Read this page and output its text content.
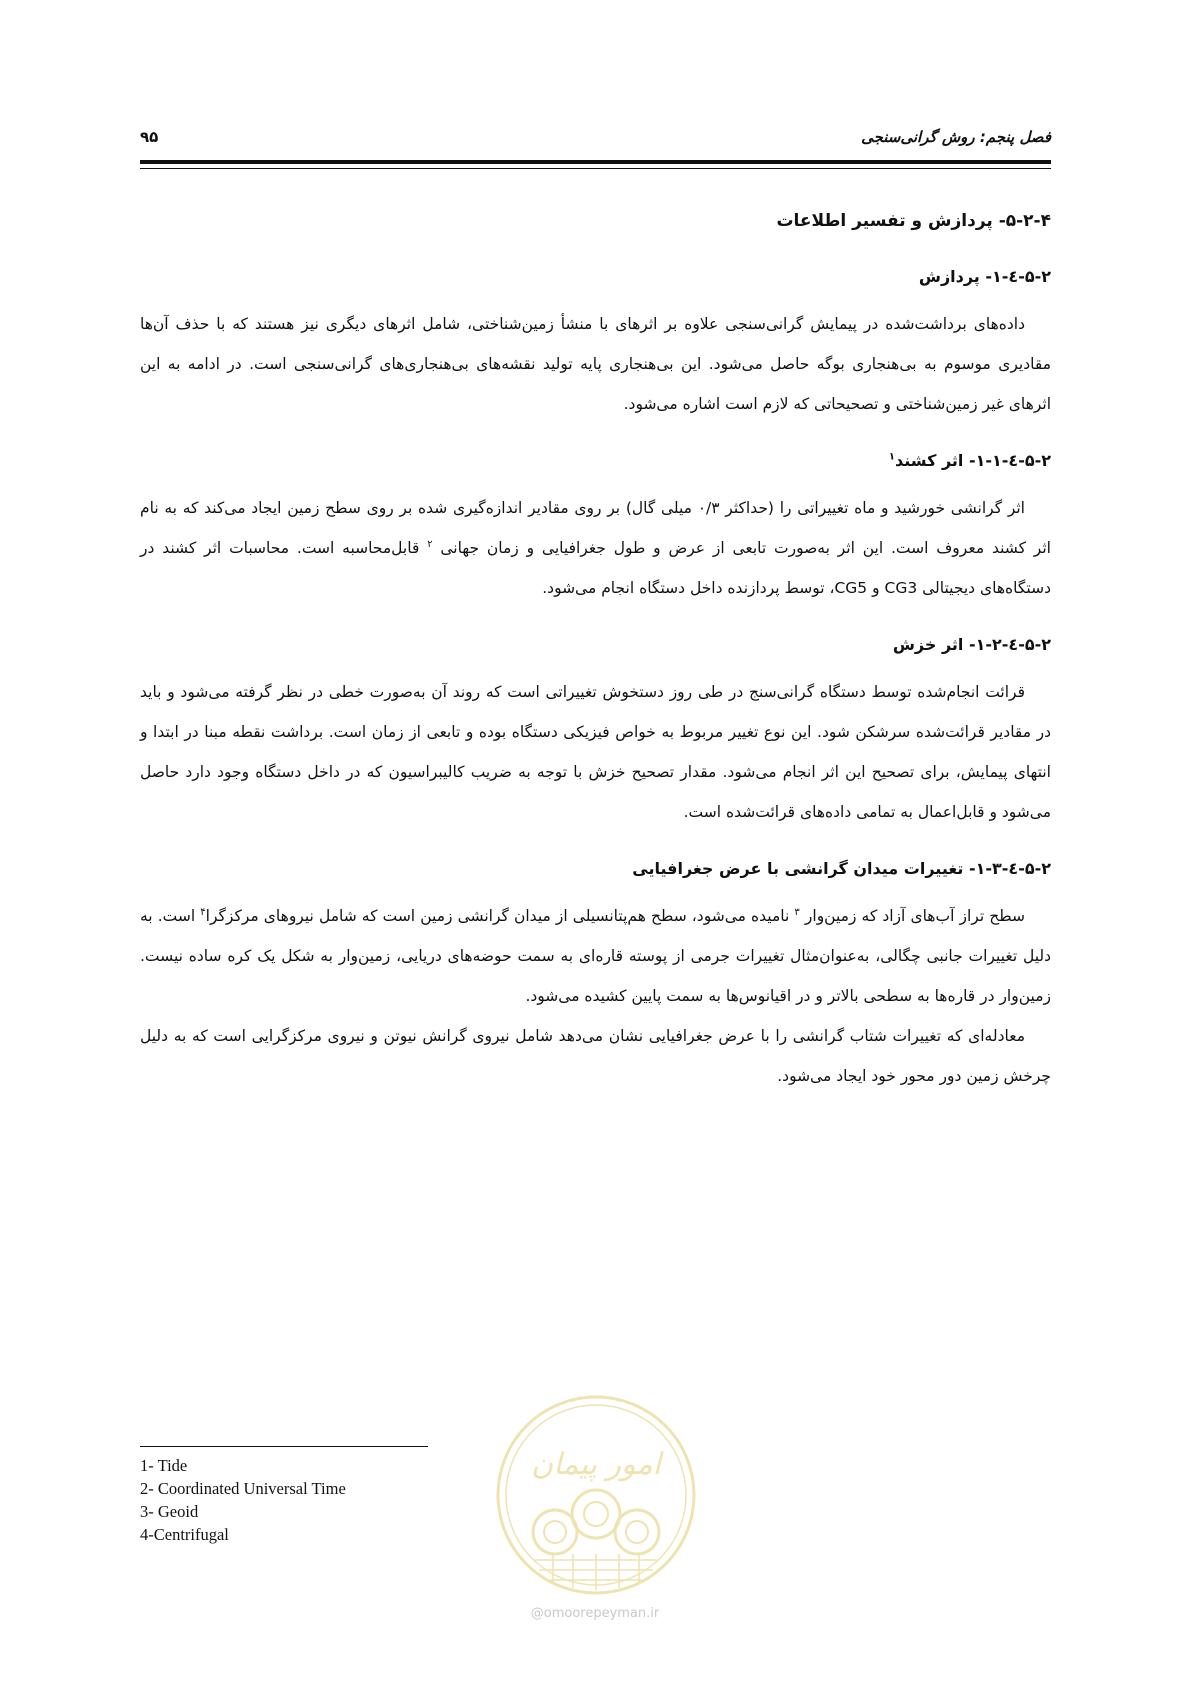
فصل پنجم: روش گرانی‌سنجی
۹۵
۵-۲-۴- پردازش و تفسیر اطلاعات
۵-۲-٤-۱- پردازش

داده‌های برداشت‌شده در پیمایش گرانی‌سنجی علاوه بر اثرهای با منشأ زمین‌شناختی، شامل اثرهای دیگری نیز هستند که با حذف آن‌ها مقادیری موسوم به بی‌هنجاری بوگه حاصل می‌شود. این بی‌هنجاری پایه تولید نقشه‌های بی‌هنجاری‌های گرانی‌سنجی است. در ادامه به این اثرهای غیر زمین‌شناختی و تصحیحاتی که لازم است اشاره می‌شود.

۵-۲-٤-۱-۱- اثر کشند$^۱$

اثر گرانشی خورشید و ماه تغییراتی را (حداکثر ۰/۳ میلی گال) بر روی مقادیر اندازه‌گیری شده بر روی سطح زمین ایجاد می‌کند که به نام اثر کشند معروف است. این اثر به‌صورت تابعی از عرض و طول جغرافیایی و زمان جهانی $^۲$ قابل‌محاسبه است. محاسبات اثر کشند در دستگاه‌های دیجیتالی CG3 و CG5، توسط پردازنده داخل دستگاه انجام می‌شود.

۵-۲-٤-۱-۲- اثر خزش

قرائت انجام‌شده توسط دستگاه گرانی‌سنج در طی روز دستخوش تغییراتی است که روند آن به‌صورت خطی در نظر گرفته می‌شود و باید در مقادیر قرائت‌شده سرشکن شود. این نوع تغییر مربوط به خواص فیزیکی دستگاه بوده و تابعی از زمان است. برداشت نقطه مبنا در ابتدا و انتهای پیمایش، برای تصحیح این اثر انجام می‌شود. مقدار تصحیح خزش با توجه به ضریب کالیبراسیون که در داخل دستگاه وجود دارد حاصل می‌شود و قابل‌اعمال به تمامی داده‌های قرائت‌شده است.

۵-۲-٤-۱-۳- تغییرات میدان گرانشی با عرض جغرافیایی

سطح تراز آب‌های آزاد که زمین‌وار $^۳$ نامیده می‌شود، سطح هم‌پتانسیلی از میدان گرانشی زمین است که شامل نیروهای مرکزگرا$^۴$ است. به دلیل تغییرات جانبی چگالی، به‌عنوان‌مثال تغییرات جرمی از پوسته قاره‌ای به سمت حوضه‌های دریایی، زمین‌وار به شکل یک کره ساده نیست. زمین‌وار در قاره‌ها به سطحی بالاتر و در اقیانوس‌ها به سمت پایین کشیده می‌شود.

معادله‌ای که تغییرات شتاب گرانشی را با عرض جغرافیایی نشان می‌دهد شامل نیروی گرانش نیوتن و نیروی مرکزگرایی است که به دلیل چرخش زمین دور محور خود ایجاد می‌شود.

1- Tide
2- Coordinated Universal Time
3- Geoid
4-Centrifugal
امور پیمان
@omoorepeyman.ir
